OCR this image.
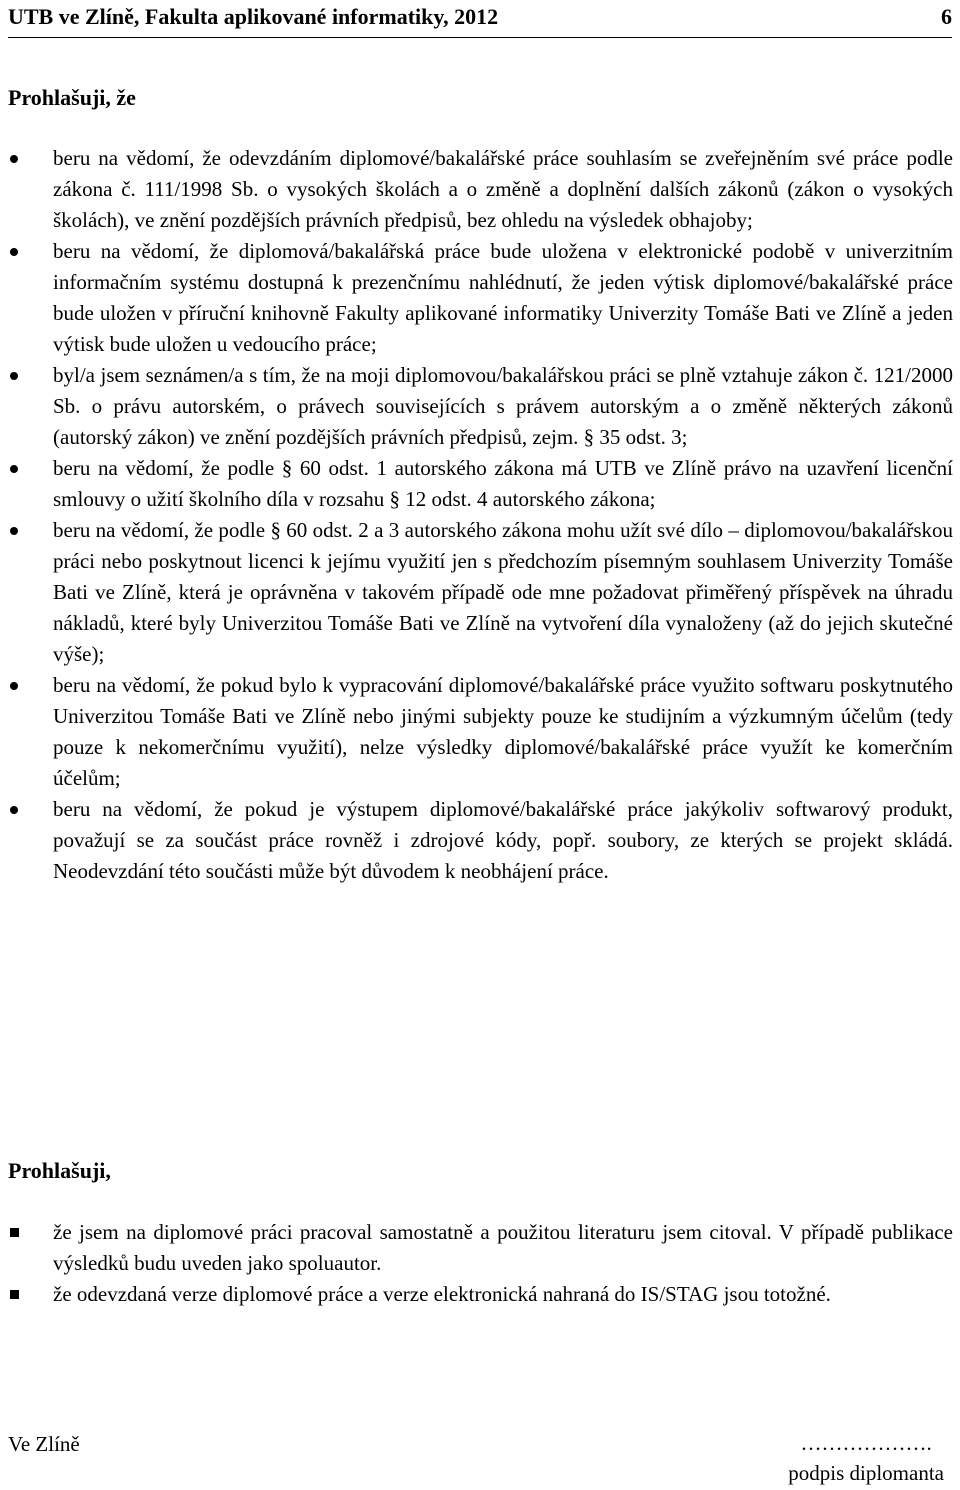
UTB ve Zlíně, Fakulta aplikované informatiky, 2012	6
Prohlašuji, že
beru na vědomí, že odevzdáním diplomové/bakalářské práce souhlasím se zveřejněním své práce podle zákona č. 111/1998 Sb. o vysokých školách a o změně a doplnění dalších zákonů (zákon o vysokých školách), ve znění pozdějších právních předpisů, bez ohledu na výsledek obhajoby;
beru na vědomí, že diplomová/bakalářská práce bude uložena v elektronické podobě v univerzitním informačním systému dostupná k prezenčnímu nahlédnutí, že jeden výtisk diplomové/bakalářské práce bude uložen v příruční knihovně Fakulty aplikované informatiky Univerzity Tomáše Bati ve Zlíně a jeden výtisk bude uložen u vedoucího práce;
byl/a jsem seznámen/a s tím, že na moji diplomovou/bakalářskou práci se plně vztahuje zákon č. 121/2000 Sb. o právu autorském, o právech souvisejících s právem autorským a o změně některých zákonů (autorský zákon) ve znění pozdějších právních předpisů, zejm. § 35 odst. 3;
beru na vědomí, že podle § 60 odst. 1 autorského zákona má UTB ve Zlíně právo na uzavření licenční smlouvy o užití školního díla v rozsahu § 12 odst. 4 autorského zákona;
beru na vědomí, že podle § 60 odst. 2 a 3 autorského zákona mohu užít své dílo – diplomovou/bakalářskou práci nebo poskytnout licenci k jejímu využití jen s předchozím písemným souhlasem Univerzity Tomáše Bati ve Zlíně, která je oprávněna v takovém případě ode mne požadovat přiměřený příspěvek na úhradu nákladů, které byly Univerzitou Tomáše Bati ve Zlíně na vytvoření díla vynaloženy (až do jejich skutečné výše);
beru na vědomí, že pokud bylo k vypracování diplomové/bakalářské práce využito softwaru poskytnutého Univerzitou Tomáše Bati ve Zlíně nebo jinými subjekty pouze ke studijním a výzkumným účelům (tedy pouze k nekomerčnímu využití), nelze výsledky diplomové/bakalářské práce využít ke komerčním účelům;
beru na vědomí, že pokud je výstupem diplomové/bakalářské práce jakýkoliv softwarový produkt, považují se za součást práce rovněž i zdrojové kódy, popř. soubory, ze kterých se projekt skládá. Neodevzdání této součásti může být důvodem k neobhájení práce.
Prohlašuji,
že jsem na diplomové práci pracoval samostatně a použitou literaturu jsem citoval. V případě publikace výsledků budu uveden jako spoluautor.
že odevzdaná verze diplomové práce a verze elektronická nahraná do IS/STAG jsou totožné.
Ve Zlíně	……………….
podpis diplomanta
